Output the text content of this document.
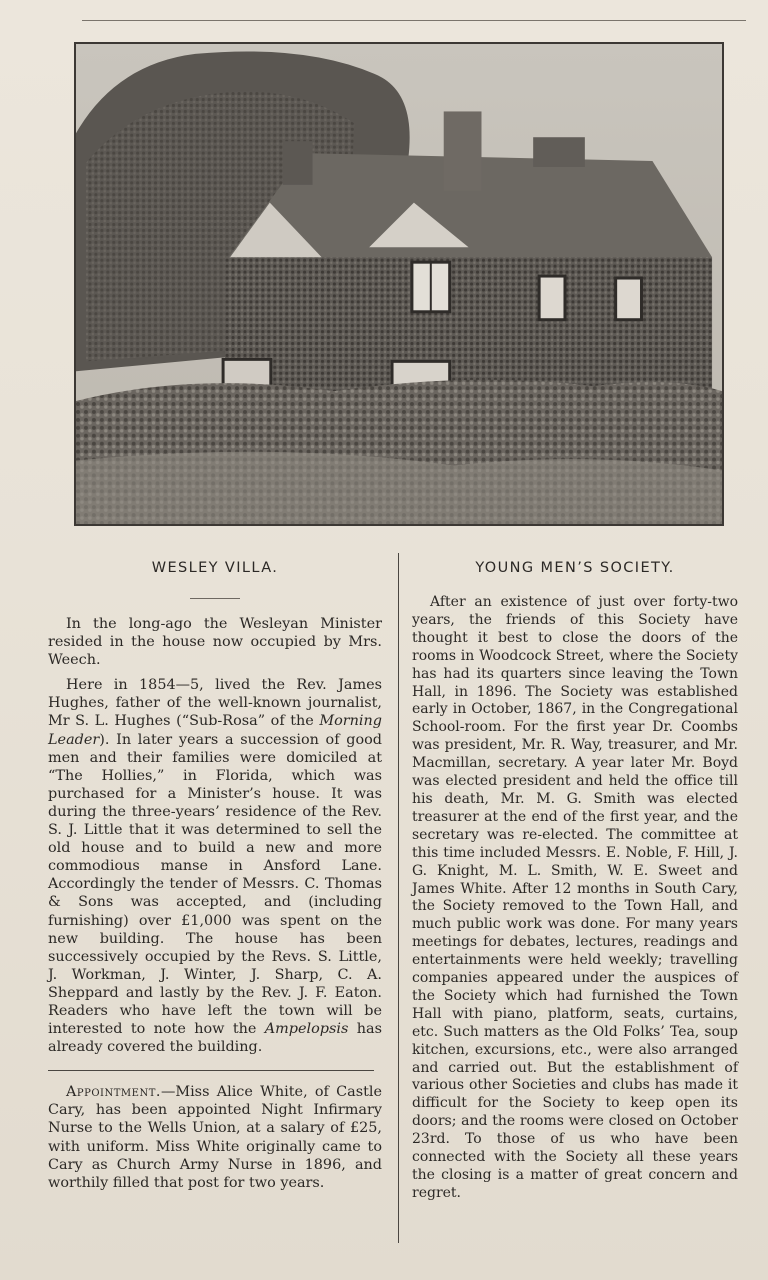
WESLEY VILLA.

In the long-ago the Wesleyan Minister resided in the house now occupied by Mrs. Weech.

Here in 1854—5, lived the Rev. James Hughes, father of the well-known journalist, Mr S. L. Hughes (“Sub-Rosa” of the Morning Leader). In later years a succession of good men and their families were domiciled at “The Hollies,” in Florida, which was purchased for a Minister’s house. It was during the three-years’ residence of the Rev. S. J. Little that it was determined to sell the old house and to build a new and more commodious manse in Ansford Lane. Accordingly the tender of Messrs. C. Thomas & Sons was accepted, and (including furnishing) over £1,000 was spent on the new building. The house has been successively occupied by the Revs. S. Little, J. Workman, J. Winter, J. Sharp, C. A. Sheppard and lastly by the Rev. J. F. Eaton. Readers who have left the town will be interested to note how the Ampelopsis has already covered the building.

Appointment.—Miss Alice White, of Castle Cary, has been appointed Night Infirmary Nurse to the Wells Union, at a salary of £25, with uniform. Miss White originally came to Cary as Church Army Nurse in 1896, and worthily filled that post for two years.

YOUNG MEN’S SOCIETY.

After an existence of just over forty-two years, the friends of this Society have thought it best to close the doors of the rooms in Woodcock Street, where the Society has had its quarters since leaving the Town Hall, in 1896. The Society was established early in October, 1867, in the Congregational School-room. For the first year Dr. Coombs was president, Mr. R. Way, treasurer, and Mr. Macmillan, secretary. A year later Mr. Boyd was elected president and held the office till his death, Mr. M. G. Smith was elected treasurer at the end of the first year, and the secretary was re-elected. The committee at this time included Messrs. E. Noble, F. Hill, J. G. Knight, M. L. Smith, W. E. Sweet and James White. After 12 months in South Cary, the Society removed to the Town Hall, and much public work was done. For many years meetings for debates, lectures, readings and entertainments were held weekly; travelling companies appeared under the auspices of the Society which had furnished the Town Hall with piano, platform, seats, curtains, etc. Such matters as the Old Folks’ Tea, soup kitchen, excursions, etc., were also arranged and carried out. But the establishment of various other Societies and clubs has made it difficult for the Society to keep open its doors; and the rooms were closed on October 23rd. To those of us who have been connected with the Society all these years the closing is a matter of great concern and regret.
